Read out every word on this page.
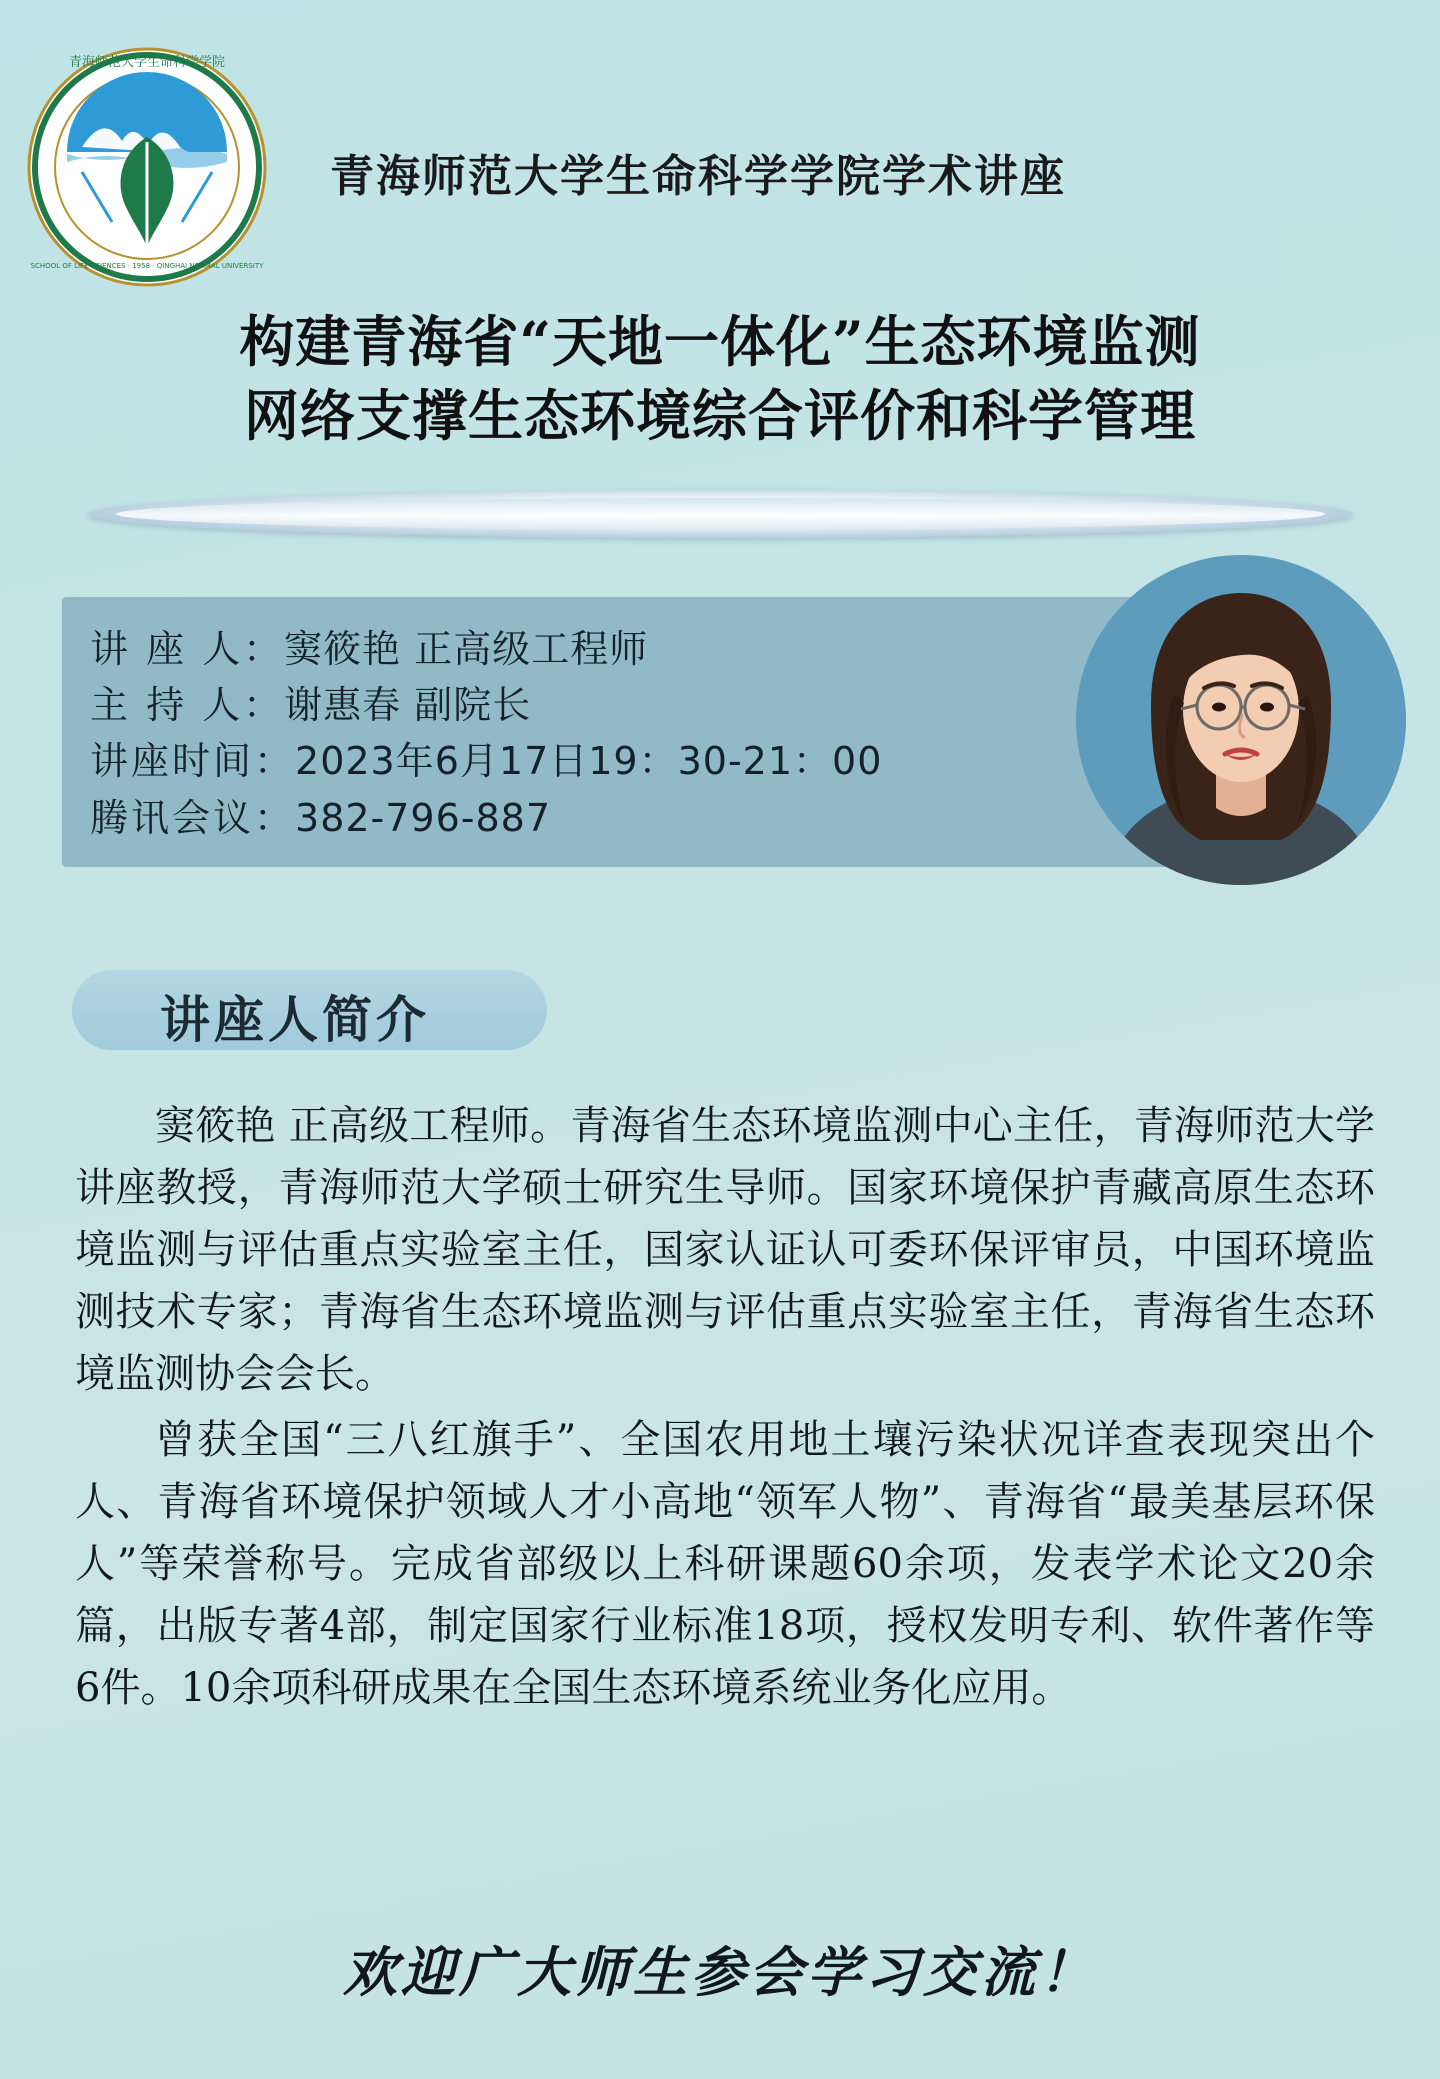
SCHOOL OF LIFE SCIENCES · 1958 · QINGHAI NORMAL UNIVERSITY
青海师范大学生命科学学院
青海师范大学生命科学学院学术讲座
构建青海省“天地一体化”生态环境监测
网络支撑生态环境综合评价和科学管理
讲 座 人：窦筱艳 正高级工程师
主 持 人：谢惠春 副院长
讲座时间：2023年6月17日19：30-21：00
腾讯会议：382-796-887
讲座人简介

窦筱艳 正高级工程师。青海省生态环境监测中心主任，青海师范大学讲座教授，青海师范大学硕士研究生导师。国家环境保护青藏高原生态环境监测与评估重点实验室主任，国家认证认可委环保评审员，中国环境监测技术专家；青海省生态环境监测与评估重点实验室主任，青海省生态环境监测协会会长。

曾获全国“三八红旗手”、全国农用地土壤污染状况详查表现突出个人、青海省环境保护领域人才小高地“领军人物”、青海省“最美基层环保人”等荣誉称号。完成省部级以上科研课题60余项，发表学术论文20余篇，出版专著4部，制定国家行业标准18项，授权发明专利、软件著作等6件。10余项科研成果在全国生态环境系统业务化应用。

欢迎广大师生参会学习交流！
